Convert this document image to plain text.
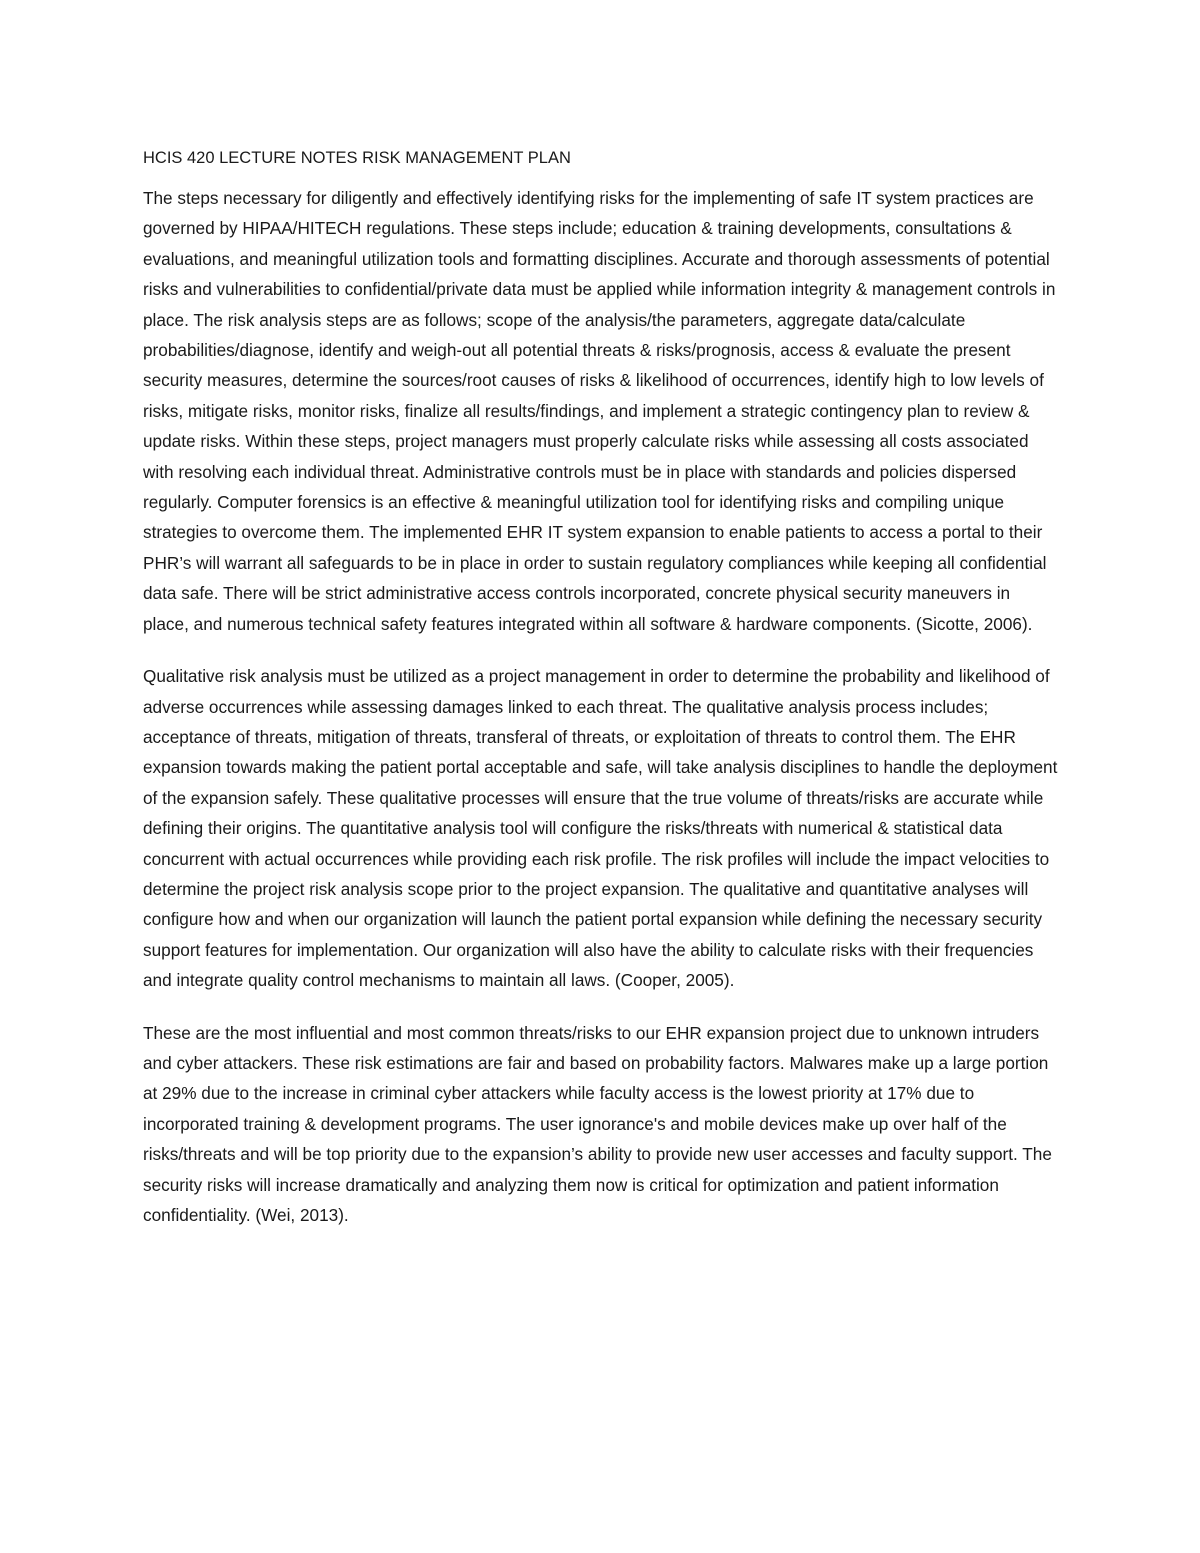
HCIS 420 LECTURE NOTES RISK MANAGEMENT PLAN

The steps necessary for diligently and effectively identifying risks for the implementing of safe IT system practices are governed by HIPAA/HITECH regulations. These steps include; education & training developments, consultations & evaluations, and meaningful utilization tools and formatting disciplines. Accurate and thorough assessments of potential risks and vulnerabilities to confidential/private data must be applied while information integrity & management controls in place. The risk analysis steps are as follows; scope of the analysis/the parameters, aggregate data/calculate probabilities/diagnose, identify and weigh-out all potential threats & risks/prognosis, access & evaluate the present security measures, determine the sources/root causes of risks & likelihood of occurrences, identify high to low levels of risks, mitigate risks, monitor risks, finalize all results/findings, and implement a strategic contingency plan to review & update risks. Within these steps, project managers must properly calculate risks while assessing all costs associated with resolving each individual threat. Administrative controls must be in place with standards and policies dispersed regularly. Computer forensics is an effective & meaningful utilization tool for identifying risks and compiling unique strategies to overcome them. The implemented EHR IT system expansion to enable patients to access a portal to their PHR’s will warrant all safeguards to be in place in order to sustain regulatory compliances while keeping all confidential data safe. There will be strict administrative access controls incorporated, concrete physical security maneuvers in place, and numerous technical safety features integrated within all software & hardware components. (Sicotte, 2006).

Qualitative risk analysis must be utilized as a project management in order to determine the probability and likelihood of adverse occurrences while assessing damages linked to each threat. The qualitative analysis process includes; acceptance of threats, mitigation of threats, transferal of threats, or exploitation of threats to control them. The EHR expansion towards making the patient portal acceptable and safe, will take analysis disciplines to handle the deployment of the expansion safely. These qualitative processes will ensure that the true volume of threats/risks are accurate while defining their origins. The quantitative analysis tool will configure the risks/threats with numerical & statistical data concurrent with actual occurrences while providing each risk profile. The risk profiles will include the impact velocities to determine the project risk analysis scope prior to the project expansion. The qualitative and quantitative analyses will configure how and when our organization will launch the patient portal expansion while defining the necessary security support features for implementation. Our organization will also have the ability to calculate risks with their frequencies and integrate quality control mechanisms to maintain all laws. (Cooper, 2005).

These are the most influential and most common threats/risks to our EHR expansion project due to unknown intruders and cyber attackers. These risk estimations are fair and based on probability factors. Malwares make up a large portion at 29% due to the increase in criminal cyber attackers while faculty access is the lowest priority at 17% due to incorporated training & development programs. The user ignorance's and mobile devices make up over half of the risks/threats and will be top priority due to the expansion’s ability to provide new user accesses and faculty support. The security risks will increase dramatically and analyzing them now is critical for optimization and patient information confidentiality. (Wei, 2013).
